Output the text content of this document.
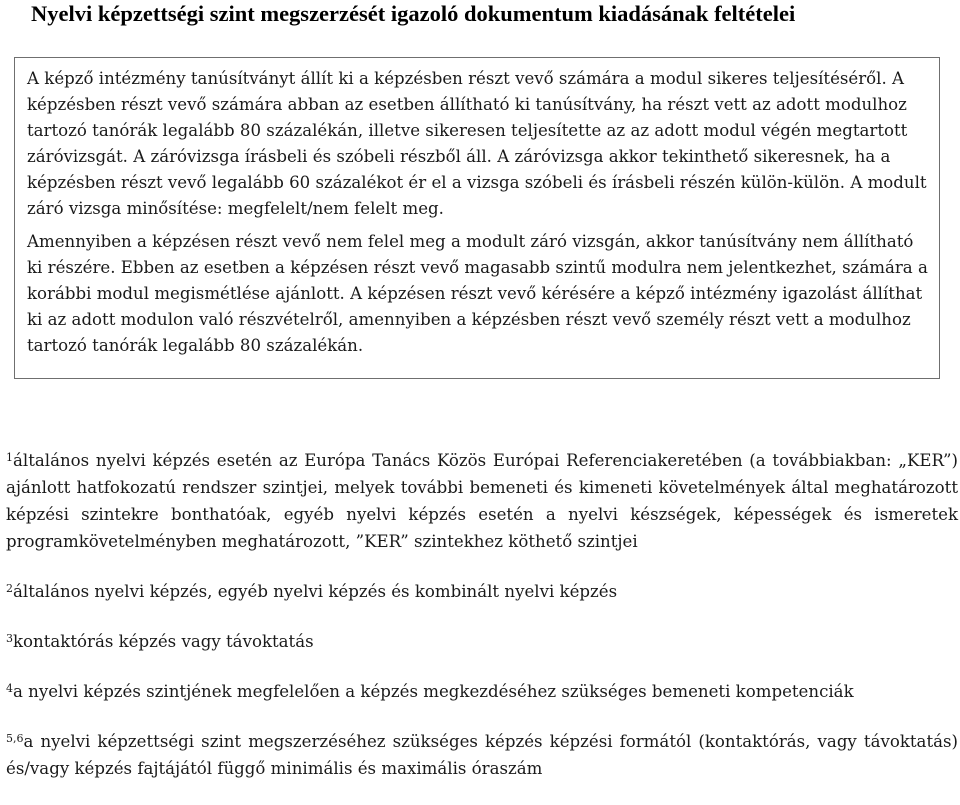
Nyelvi képzettségi szint megszerzését igazoló dokumentum kiadásának feltételei

A képző intézmény tanúsítványt állít ki a képzésben részt vevő számára a modul sikeres teljesítéséről. A képzésben részt vevő számára abban az esetben állítható ki tanúsítvány, ha részt vett az adott modulhoz tartozó tanórák legalább 80 százalékán, illetve sikeresen teljesítette az az adott modul végén megtartott záróvizsgát. A záróvizsga írásbeli és szóbeli részből áll. A záróvizsga akkor tekinthető sikeresnek, ha a képzésben részt vevő legalább 60 százalékot ér el a vizsga szóbeli és írásbeli részén külön-külön. A modult záró vizsga minősítése: megfelelt/nem felelt meg.

Amennyiben a képzésen részt vevő nem felel meg a modult záró vizsgán, akkor tanúsítvány nem állítható ki részére. Ebben az esetben a képzésen részt vevő magasabb szintű modulra nem jelentkezhet, számára a korábbi modul megismétlése ajánlott. A képzésen részt vevő kérésére a képző intézmény igazolást állíthat ki az adott modulon való részvételről, amennyiben a képzésben részt vevő személy részt vett a modulhoz tartozó tanórák legalább 80 százalékán.

$^1$általános nyelvi képzés esetén az Európa Tanács Közös Európai Referenciakeretében (a továbbiakban: „KER”) ajánlott hatfokozatú rendszer szintjei, melyek további bemeneti és kimeneti követelmények által meghatározott képzési szintekre bonthatóak, egyéb nyelvi képzés esetén a nyelvi készségek, képességek és ismeretek programkövetelményben meghatározott, ”KER” szintekhez köthető szintjei

$^2$általános nyelvi képzés, egyéb nyelvi képzés és kombinált nyelvi képzés

$^3$kontaktórás képzés vagy távoktatás

$^4$a nyelvi képzés szintjének megfelelően a képzés megkezdéséhez szükséges bemeneti kompetenciák

$^{5,6}$a nyelvi képzettségi szint megszerzéséhez szükséges képzés képzési formától (kontaktórás, vagy távoktatás) és/vagy képzés fajtájától függő minimális és maximális óraszám
